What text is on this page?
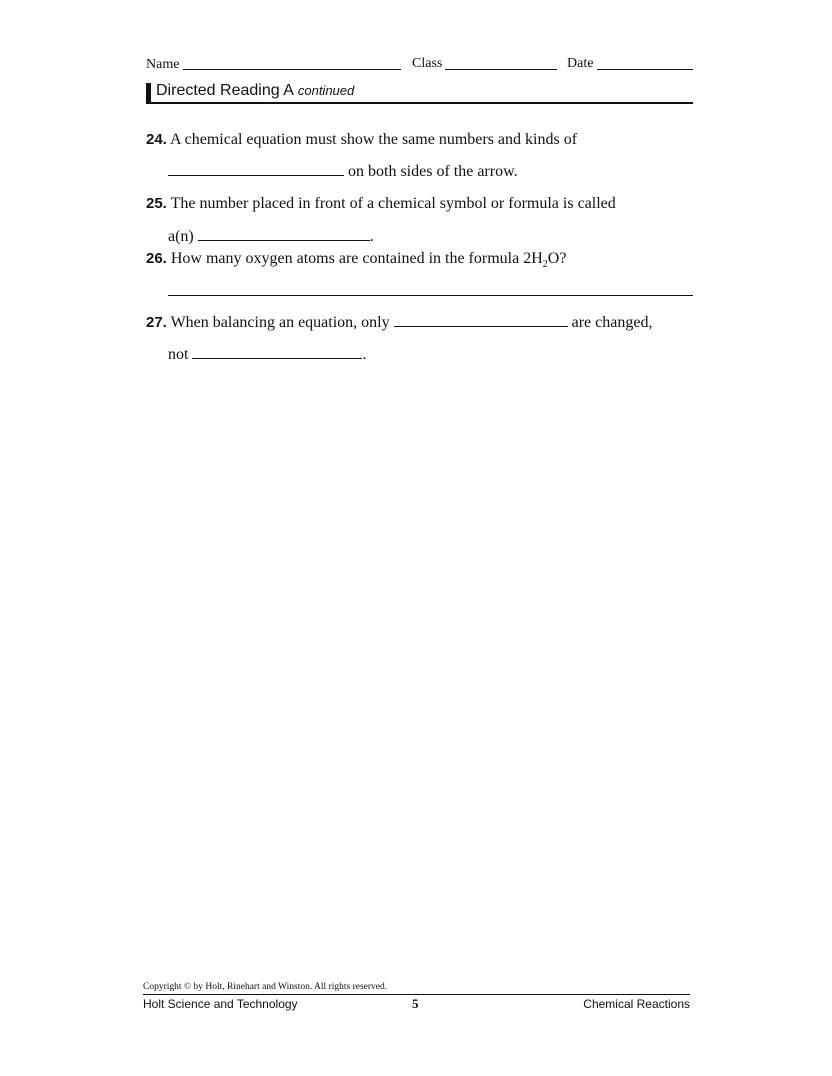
Name	Class	Date
Directed Reading A continued
24. A chemical equation must show the same numbers and kinds of
on both sides of the arrow.
25. The number placed in front of a chemical symbol or formula is called
a(n)	.
26. How many oxygen atoms are contained in the formula $2H_2O$?
27. When balancing an equation, only	are changed,
not	.
Copyright © by Holt, Rinehart and Winston. All rights reserved.
Holt Science and Technology	5	Chemical Reactions
